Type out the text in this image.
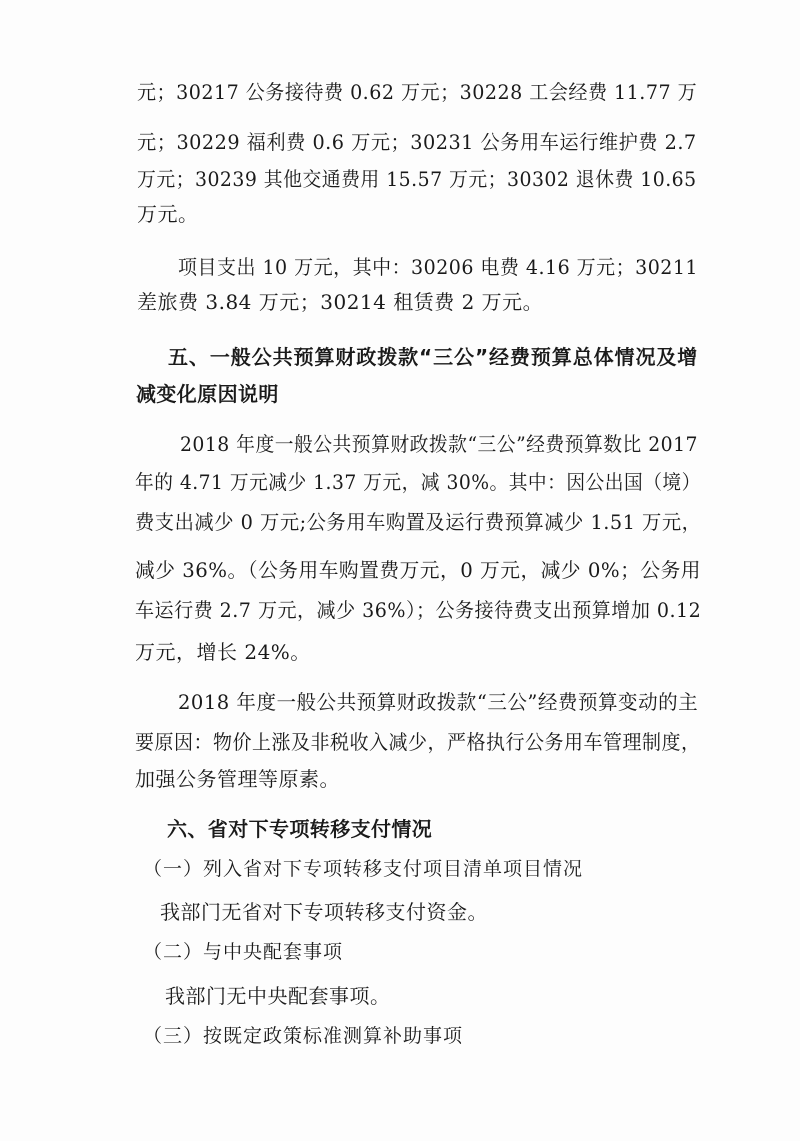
元；30217 公务接待费 0.62 万元；30228 工会经费 11.77 万
元；30229 福利费 0.6 万元；30231 公务用车运行维护费 2.7
万元；30239 其他交通费用 15.57 万元；30302 退休费 10.65
万元。
项目支出 10 万元，其中：30206 电费 4.16 万元；30211
差旅费 3.84 万元；30214 租赁费 2 万元。
五、一般公共预算财政拨款“三公”经费预算总体情况及增
减变化原因说明
2018 年度一般公共预算财政拨款“三公”经费预算数比 2017
年的 4.71 万元减少 1.37 万元，减 30%。其中：因公出国（境）
费支出减少 0 万元;公务用车购置及运行费预算减少 1.51 万元，
减少 36%。（公务用车购置费万元，0 万元，减少 0%；公务用
车运行费 2.7 万元，减少 36%）；公务接待费支出预算增加 0.12
万元，增长 24%。
2018 年度一般公共预算财政拨款“三公”经费预算变动的主
要原因：物价上涨及非税收入减少，严格执行公务用车管理制度，
加强公务管理等原素。
六、省对下专项转移支付情况
（一）列入省对下专项转移支付项目清单项目情况
我部门无省对下专项转移支付资金。
（二）与中央配套事项
我部门无中央配套事项。
（三）按既定政策标准测算补助事项
